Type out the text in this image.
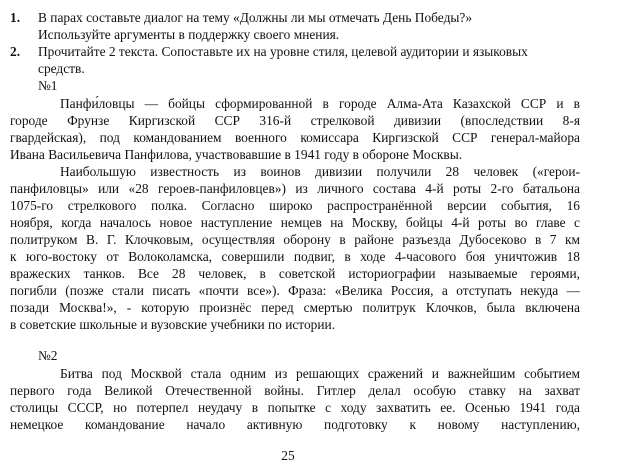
1. В парах составьте диалог на тему «Должны ли мы отмечать День Победы?»
Используйте аргументы в поддержку своего мнения.
2. Прочитайте 2 текста. Сопоставьте их на уровне стиля, целевой аудитории и языковых
средств.
№1
Панфи́ловцы — бойцы сформированной в городе Алма-Ата Казахской ССР и в
городе Фрунзе Киргизской ССР 316-й стрелковой дивизии (впоследствии 8-я
гвардейская), под командованием военного комиссара Киргизской ССР генерал-майора
Ивана Васильевича Панфилова, участвовавшие в 1941 году в обороне Москвы.
Наибольшую известность из воинов дивизии получили 28 человек («герои-
панфиловцы» или «28 героев-панфиловцев») из личного состава 4-й роты 2-го батальона
1075-го стрелкового полка. Согласно широко распространённой версии события, 16
ноября, когда началось новое наступление немцев на Москву, бойцы 4-й роты во главе с
политруком В. Г. Клочковым, осуществляя оборону в районе разъезда Дубосеково в 7 км
к юго-востоку от Волоколамска, совершили подвиг, в ходе 4-часового боя уничтожив 18
вражеских танков. Все 28 человек, в советской историографии называемые героями,
погибли (позже стали писать «почти все»). Фраза: «Велика Россия, а отступать некуда —
позади Москва!», - которую произнёс перед смертью политрук Клочков, была включена
в советские школьные и вузовские учебники по истории.
№2
Битва под Москвой стала одним из решающих сражений и важнейшим событием
первого года Великой Отечественной войны. Гитлер делал особую ставку на захват
столицы СССР, но потерпел неудачу в попытке с ходу захватить ее. Осенью 1941 года
немецкое командование начало активную подготовку к новому наступлению,
25
